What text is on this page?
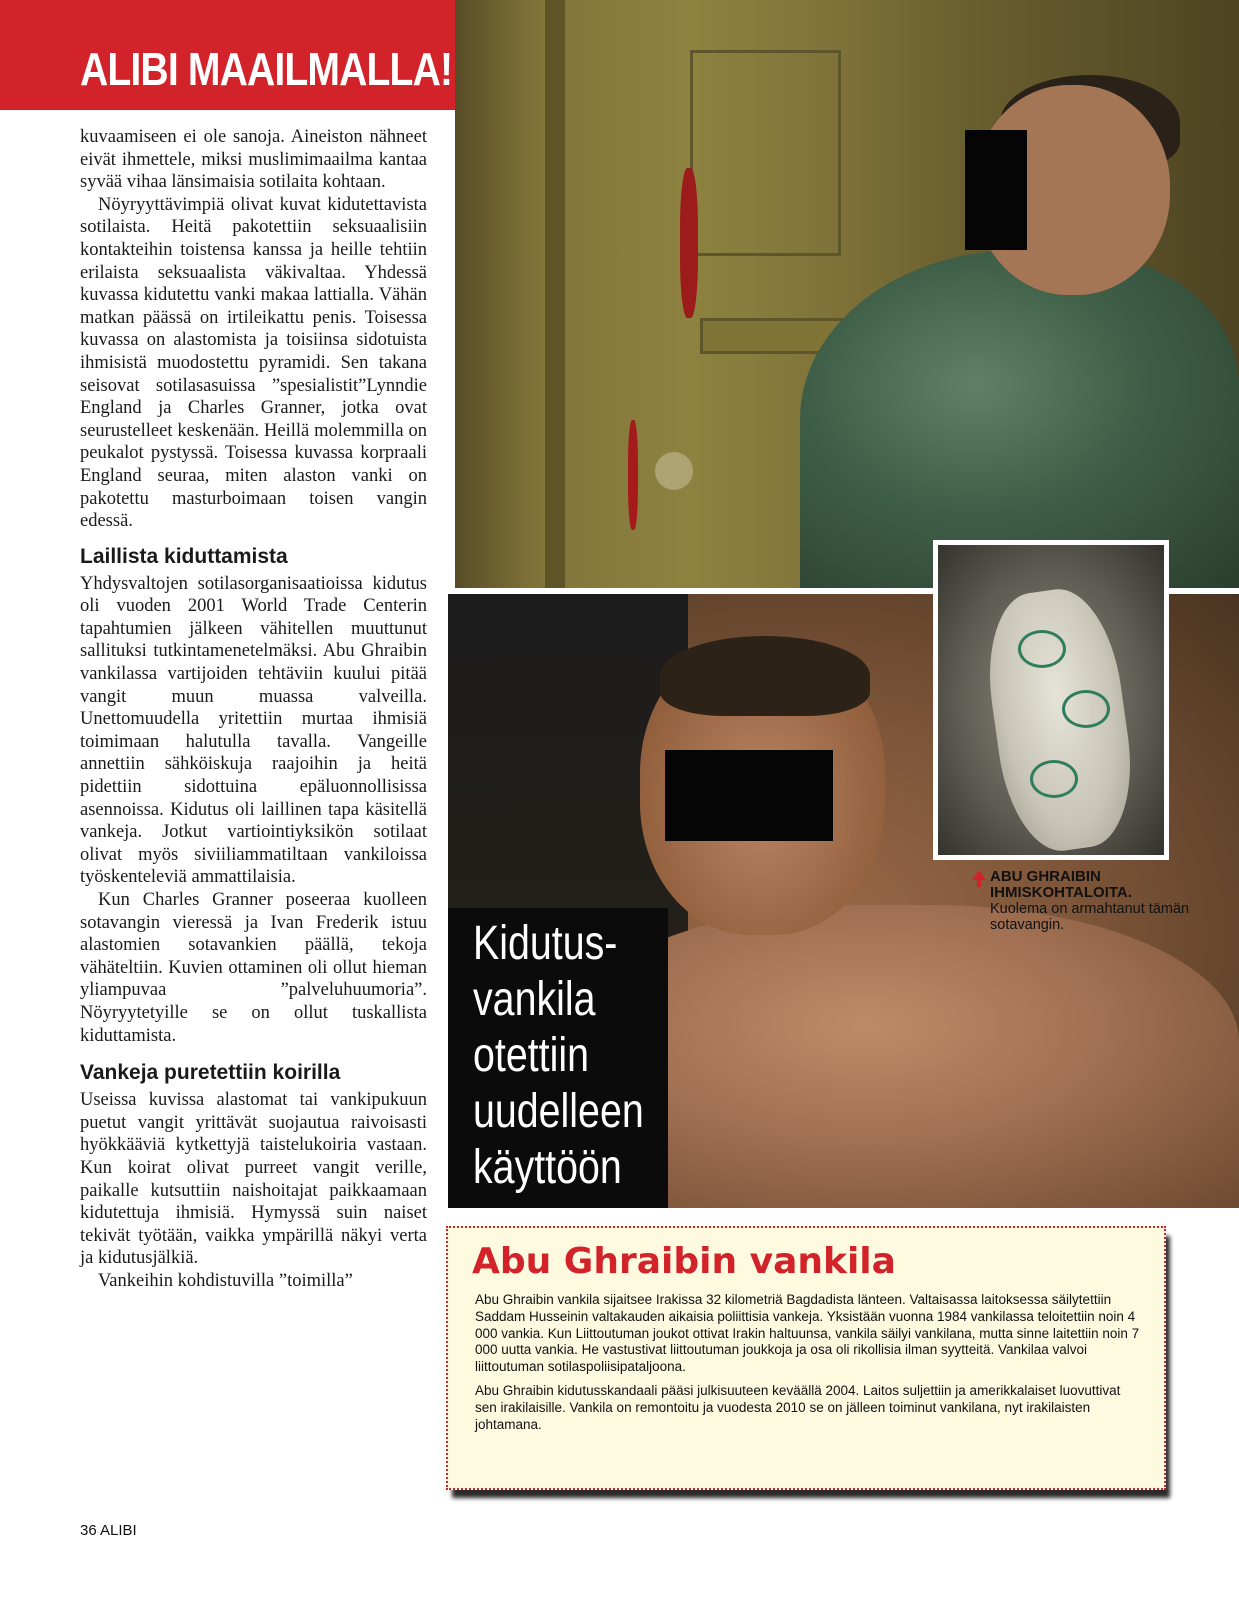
ALIBI MAAILMALLA!

kuvaamiseen ei ole sanoja. Aineiston nähneet eivät ihmettele, miksi muslimimaailma kantaa syvää vihaa länsimaisia sotilaita kohtaan.

Nöyryyttävimpiä olivat kuvat kidutettavista sotilaista. Heitä pakotettiin seksuaalisiin kontakteihin toistensa kanssa ja heille tehtiin erilaista seksuaalista väkivaltaa. Yhdessä kuvassa kidutettu vanki makaa lattialla. Vähän matkan päässä on irtileikattu penis. Toisessa kuvassa on alastomista ja toisiinsa sidotuista ihmisistä muodostettu pyramidi. Sen takana seisovat sotilasasuissa ”spesialistit”Lynndie England ja Charles Granner, jotka ovat seurustelleet keskenään. Heillä molemmilla on peukalot pystyssä. Toisessa kuvassa korpraali England seuraa, miten alaston vanki on pakotettu masturboimaan toisen vangin edessä.

Laillista kiduttamista

Yhdysvaltojen sotilasorganisaatioissa kidutus oli vuoden 2001 World Trade Centerin tapahtumien jälkeen vähitellen muuttunut sallituksi tutkintamenetelmäksi. Abu Ghraibin vankilassa vartijoiden tehtäviin kuului pitää vangit muun muassa valveilla. Unettomuudella yritettiin murtaa ihmisiä toimimaan halutulla tavalla. Vangeille annettiin sähköiskuja raajoihin ja heitä pidettiin sidottuina epäluonnollisissa asennoissa. Kidutus oli laillinen tapa käsitellä vankeja. Jotkut vartiointiyksikön sotilaat olivat myös siviiliammatiltaan vankiloissa työskenteleviä ammattilaisia.

Kun Charles Granner poseeraa kuolleen sotavangin vieressä ja Ivan Frederik istuu alastomien sotavankien päällä, tekoja vähäteltiin. Kuvien ottaminen oli ollut hieman yliampuvaa ”palveluhuumoria”. Nöyryytetyille se on ollut tuskallista kiduttamista.

Vankeja puretettiin koirilla

Useissa kuvissa alastomat tai vankipukuun puetut vangit yrittävät suojautua raivoisasti hyökkääviä kytkettyjä taistelukoiria vastaan. Kun koirat olivat purreet vangit verille, paikalle kutsuttiin naishoitajat paikkaamaan kidutettuja ihmisiä. Hymyssä suin naiset tekivät työtään, vaikka ympärillä näkyi verta ja kidutusjälkiä.

Vankeihin kohdistuvilla ”toimilla”

Kidutus-
vankila
otettiin
uudelleen
käyttöön
ABU GHRAIBIN IHMISKOHTALOITA.
Kuolema on armahtanut tämän sotavangin.
Abu Ghraibin vankila

Abu Ghraibin vankila sijaitsee Irakissa 32 kilometriä Bagdadista länteen. Valtaisassa laitoksessa säilytettiin Saddam Husseinin valtakauden aikaisia poliittisia vankeja. Yksistään vuonna 1984 vankilassa teloitettiin noin 4 000 vankia. Kun Liittoutuman joukot ottivat Irakin haltuunsa, vankila säilyi vankilana, mutta sinne laitettiin noin 7 000 uutta vankia. He vastustivat liittoutuman joukkoja ja osa oli rikollisia ilman syytteitä. Vankilaa valvoi liittoutuman sotilaspoliisipataljoona.

Abu Ghraibin kidutusskandaali pääsi julkisuuteen keväällä 2004. Laitos suljettiin ja amerikkalaiset luovuttivat sen irakilaisille. Vankila on remontoitu ja vuodesta 2010 se on jälleen toiminut vankilana, nyt irakilaisten johtamana.

36 ALIBI
